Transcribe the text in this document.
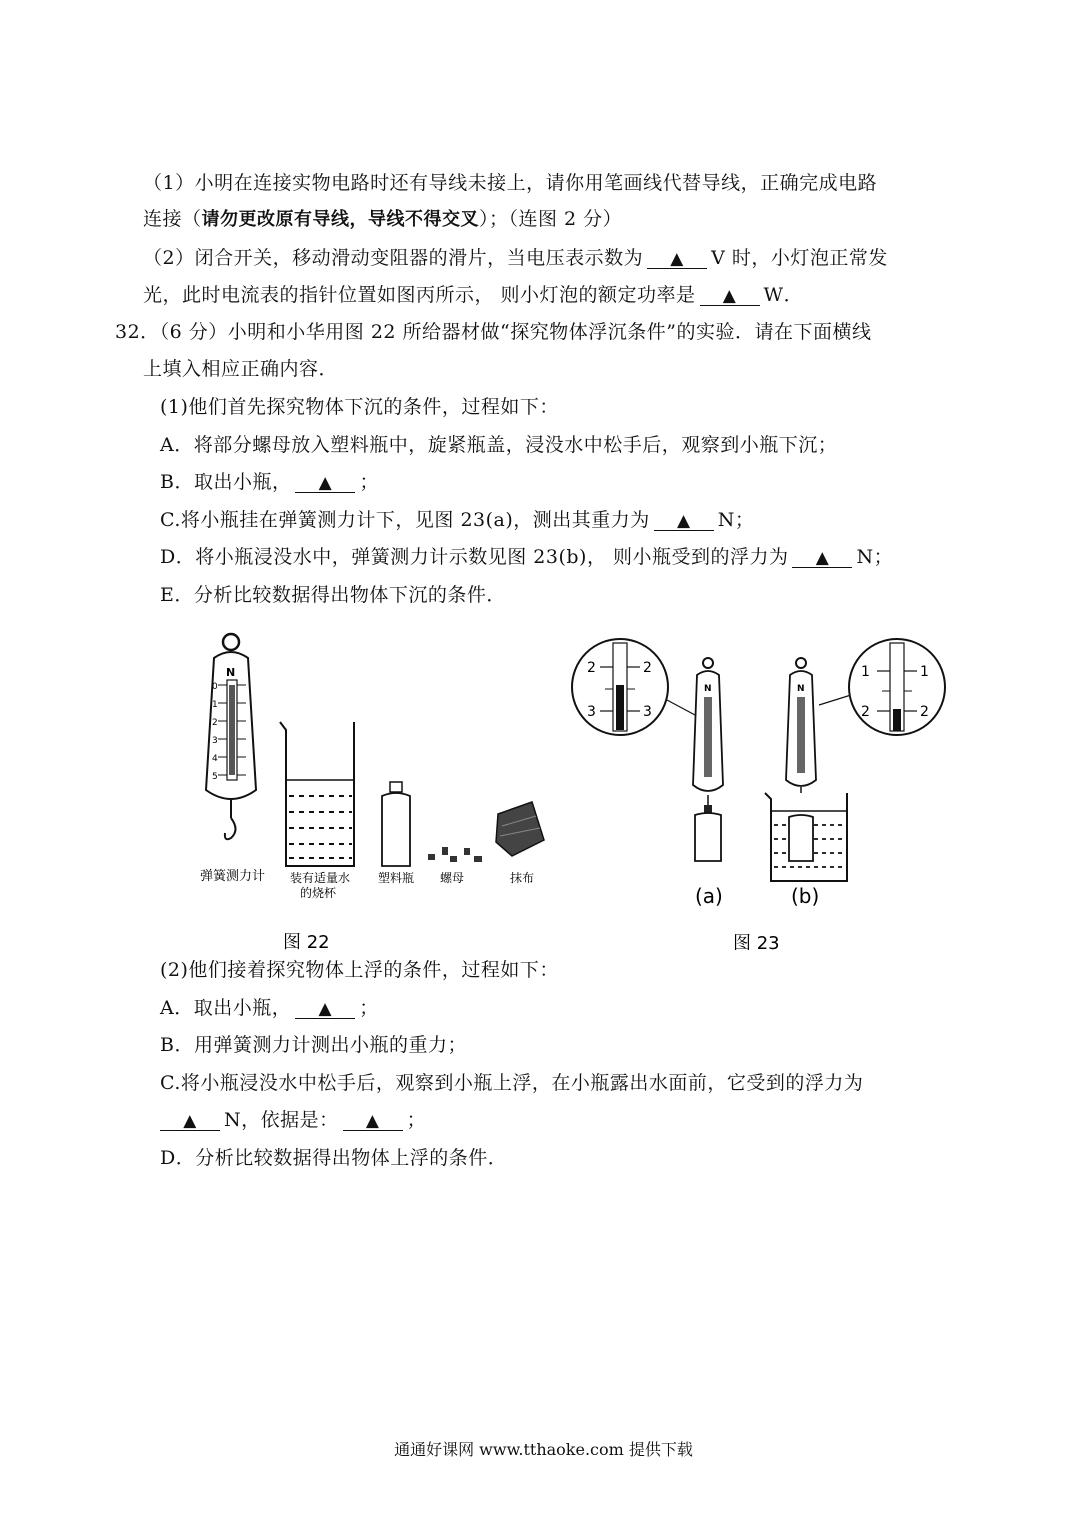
（1）小明在连接实物电路时还有导线未接上，请你用笔画线代替导线，正确完成电路
连接（请勿更改原有导线，导线不得交叉）；（连图 2 分）
（2）闭合开关，移动滑动变阻器的滑片，当电压表示数为 ▲ V 时，小灯泡正常发
光，此时电流表的指针位置如图丙所示， 则小灯泡的额定功率是 ▲ W．
32．（6 分）小明和小华用图 22 所给器材做“探究物体浮沉条件”的实验．请在下面横线
上填入相应正确内容．
(1)他们首先探究物体下沉的条件，过程如下：
A．将部分螺母放入塑料瓶中，旋紧瓶盖，浸没水中松手后，观察到小瓶下沉；
B．取出小瓶， ▲ ；
C.将小瓶挂在弹簧测力计下，见图 23(a)，测出其重力为 ▲ N；
D．将小瓶浸没水中，弹簧测力计示数见图 23(b)， 则小瓶受到的浮力为 ▲ N；
E．分析比较数据得出物体下沉的条件．
N
0
1
2
3
4
5
弹簧测力计 装有适量水
的烧杯
塑料瓶 螺母	抹布
图 22
2	2
3	3
N
(a)
N
(b)
1	1
2	2
图 23
(2)他们接着探究物体上浮的条件，过程如下：
A．取出小瓶， ▲ ；
B．用弹簧测力计测出小瓶的重力；
C.将小瓶浸没水中松手后，观察到小瓶上浮，在小瓶露出水面前，它受到的浮力为
▲ N，依据是： ▲ ；
D．分析比较数据得出物体上浮的条件．
通通好课网 www.tthaoke.com 提供下载
